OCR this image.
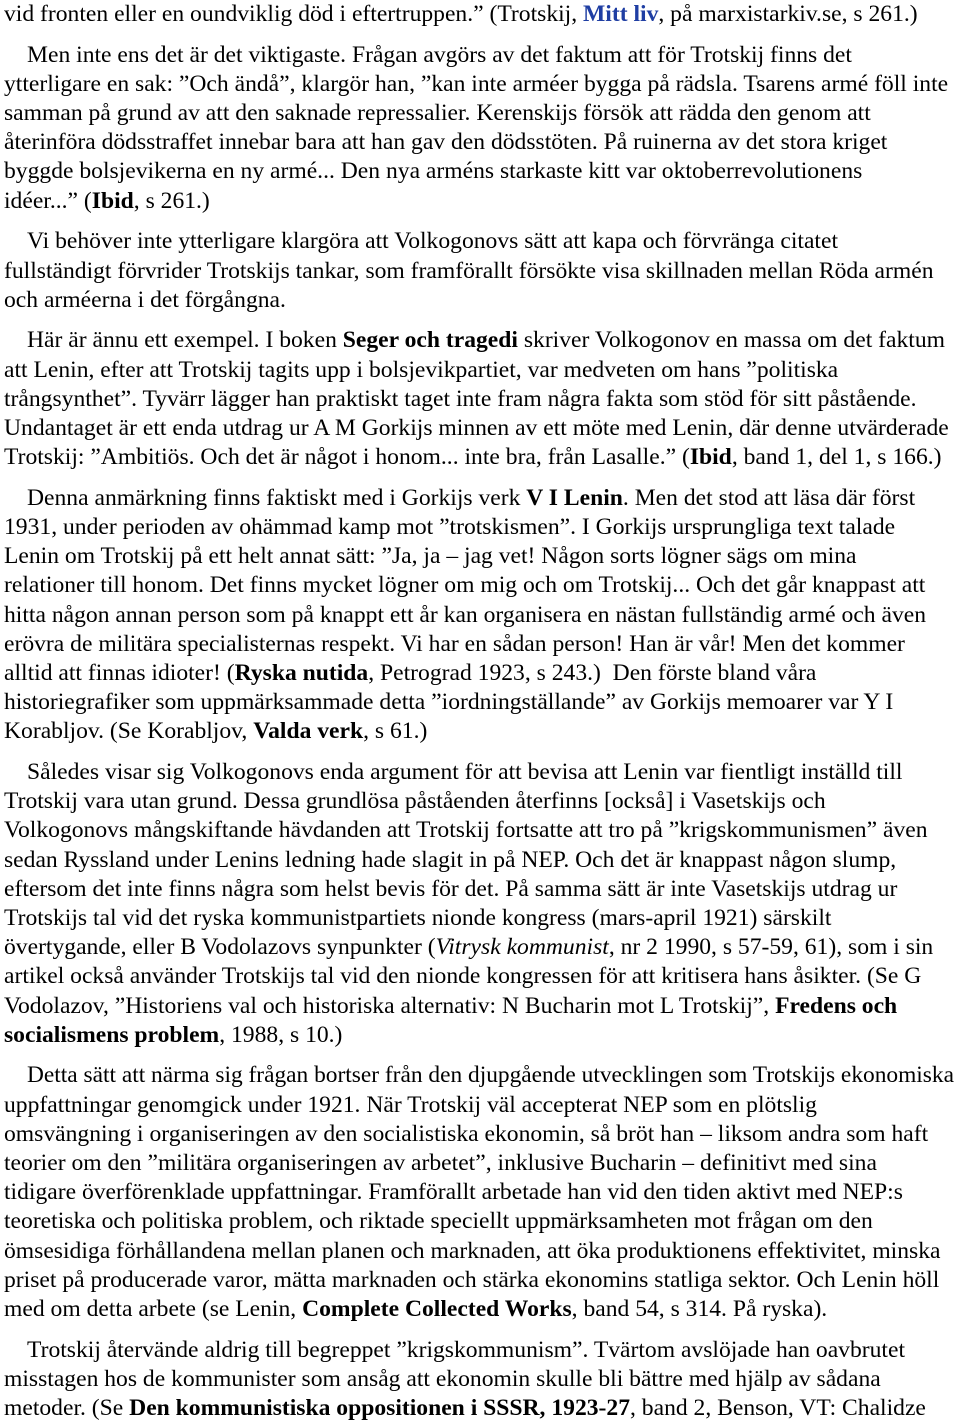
vid fronten eller en oundviklig död i eftertruppen.” (Trotskij, Mitt liv, på marxistarkiv.se, s 261.)
Men inte ens det är det viktigaste. Frågan avgörs av det faktum att för Trotskij finns det
ytterligare en sak: ”Och ändå”, klargör han, ”kan inte arméer bygga på rädsla. Tsarens armé föll inte
samman på grund av att den saknade repressalier. Kerenskijs försök att rädda den genom att
återinföra dödsstraffet innebar bara att han gav den dödsstöten. På ruinerna av det stora kriget
byggde bolsjevikerna en ny armé... Den nya arméns starkaste kitt var oktoberrevolutionens
idéer...” (Ibid, s 261.)
Vi behöver inte ytterligare klargöra att Volkogonovs sätt att kapa och förvränga citatet
fullständigt förvrider Trotskijs tankar, som framförallt försökte visa skillnaden mellan Röda armén
och arméerna i det förgångna.
Här är ännu ett exempel. I boken Seger och tragedi skriver Volkogonov en massa om det faktum
att Lenin, efter att Trotskij tagits upp i bolsjevikpartiet, var medveten om hans ”politiska
trångsynthet”. Tyvärr lägger han praktiskt taget inte fram några fakta som stöd för sitt påstående.
Undantaget är ett enda utdrag ur A M Gorkijs minnen av ett möte med Lenin, där denne utvärderade
Trotskij: ”Ambitiös. Och det är något i honom... inte bra, från Lasalle.” (Ibid, band 1, del 1, s 166.)
Denna anmärkning finns faktiskt med i Gorkijs verk V I Lenin. Men det stod att läsa där först
1931, under perioden av ohämmad kamp mot ”trotskismen”. I Gorkijs ursprungliga text talade
Lenin om Trotskij på ett helt annat sätt: ”Ja, ja – jag vet! Någon sorts lögner sägs om mina
relationer till honom. Det finns mycket lögner om mig och om Trotskij... Och det går knappast att
hitta någon annan person som på knappt ett år kan organisera en nästan fullständig armé och även
erövra de militära specialisternas respekt. Vi har en sådan person! Han är vår! Men det kommer
alltid att finnas idioter! (Ryska nutida, Petrograd 1923, s 243.)  Den förste bland våra
historiegrafiker som uppmärksammade detta ”iordningställande” av Gorkijs memoarer var Y I
Korabljov. (Se Korabljov, Valda verk, s 61.)
Således visar sig Volkogonovs enda argument för att bevisa att Lenin var fientligt inställd till
Trotskij vara utan grund. Dessa grundlösa påståenden återfinns [också] i Vasetskijs och
Volkogonovs mångskiftande hävdanden att Trotskij fortsatte att tro på ”krigskommunismen” även
sedan Ryssland under Lenins ledning hade slagit in på NEP. Och det är knappast någon slump,
eftersom det inte finns några som helst bevis för det. På samma sätt är inte Vasetskijs utdrag ur
Trotskijs tal vid det ryska kommunistpartiets nionde kongress (mars-april 1921) särskilt
övertygande, eller B Vodolazovs synpunkter (Vitrysk kommunist, nr 2 1990, s 57-59, 61), som i sin
artikel också använder Trotskijs tal vid den nionde kongressen för att kritisera hans åsikter. (Se G
Vodolazov, ”Historiens val och historiska alternativ: N Bucharin mot L Trotskij”, Fredens och
socialismens problem, 1988, s 10.)
Detta sätt att närma sig frågan bortser från den djupgående utvecklingen som Trotskijs ekonomiska
uppfattningar genomgick under 1921. När Trotskij väl accepterat NEP som en plötslig
omsvängning i organiseringen av den socialistiska ekonomin, så bröt han – liksom andra som haft
teorier om den ”militära organiseringen av arbetet”, inklusive Bucharin – definitivt med sina
tidigare överförenklade uppfattningar. Framförallt arbetade han vid den tiden aktivt med NEP:s
teoretiska och politiska problem, och riktade speciellt uppmärksamheten mot frågan om den
ömsesidiga förhållandena mellan planen och marknaden, att öka produktionens effektivitet, minska
priset på producerade varor, mätta marknaden och stärka ekonomins statliga sektor. Och Lenin höll
med om detta arbete (se Lenin, Complete Collected Works, band 54, s 314. På ryska).
Trotskij återvände aldrig till begreppet ”krigskommunism”. Tvärtom avslöjade han oavbrutet
misstagen hos de kommunister som ansåg att ekonomin skulle bli bättre med hjälp av sådana
metoder. (Se Den kommunistiska oppositionen i SSSR, 1923-27, band 2, Benson, VT: Chalidze
